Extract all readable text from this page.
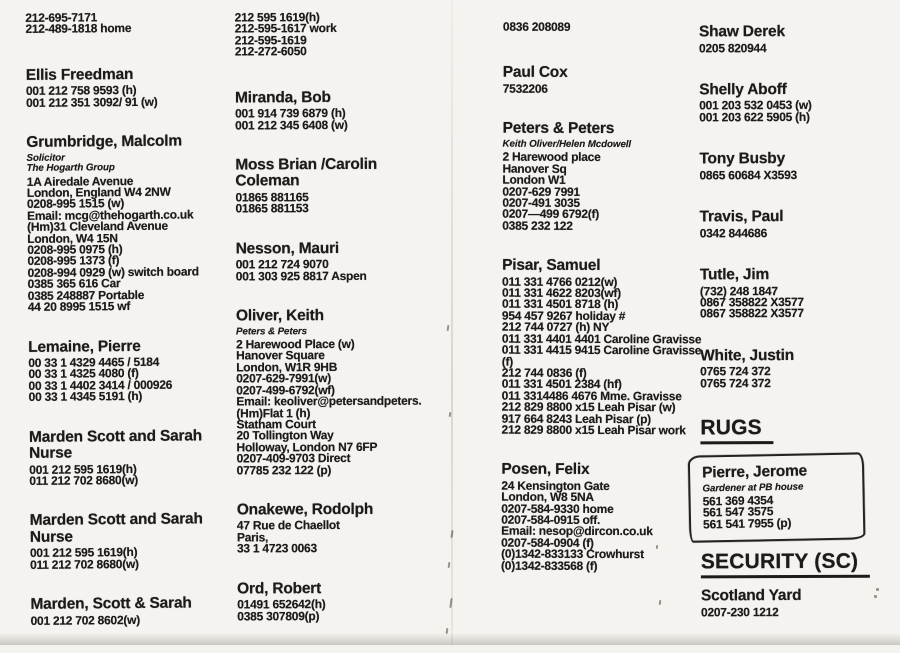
212-695-7171
212-489-1818 home
Ellis Freedman
001 212 758 9593 (h)
001 212 351 3092/ 91 (w)
Grumbridge, Malcolm
Solicitor
The Hogarth Group
1A Airedale Avenue
London, England W4 2NW
0208-995 1515 (w)
Email: mcg@thehogarth.co.uk
(Hm)31 Cleveland Avenue
London, W4 15N
0208-995 0975 (h)
0208-995 1373 (f)
0208-994 0929 (w) switch board
0385 365 616 Car
0385 248887 Portable
44 20 8995 1515 wf
Lemaine, Pierre
00 33 1 4329 4465 / 5184
00 33 1 4325 4080 (f)
00 33 1 4402 3414 / 000926
00 33 1 4345 5191 (h)
Marden Scott and Sarah Nurse
001 212 595 1619(h)
011 212 702 8680(w)
Marden Scott and Sarah Nurse
001 212 595 1619(h)
011 212 702 8680(w)
Marden, Scott & Sarah
001 212 702 8602(w)
212 595 1619(h)
212-595-1617 work
212-595-1619
212-272-6050
Miranda, Bob
001 914 739 6879 (h)
001 212 345 6408 (w)
Moss Brian /Carolin Coleman
01865 881165
01865 881153
Nesson, Mauri
001 212 724 9070
001 303 925 8817 Aspen
Oliver, Keith
Peters & Peters
2 Harewood Place (w)
Hanover Square
London, W1R 9HB
0207-629-7991(w)
0207-499-6792(wf)
Email: keoliver@petersandpeters.
(Hm)Flat 1 (h)
Statham Court
20 Tollington Way
Holloway, London N7 6FP
0207-409-9703 Direct
07785 232 122 (p)
Onakewe, Rodolph
47 Rue de Chaellot
Paris,
33 1 4723 0063
Ord, Robert
01491 652642(h)
0385 307809(p)
0836 208089
Paul Cox
7532206
Peters & Peters
Keith Oliver/Helen Mcdowell
2 Harewood place
Hanover Sq
London W1
0207-629 7991
0207-491 3035
0207—499 6792(f)
0385 232 122
Pisar, Samuel
011 331 4766 0212(w)
011 331 4622 8203(wf)
011 331 4501 8718 (h)
954 457 9267 holiday #
212 744 0727 (h) NY
011 331 4401 4401 Caroline Gravisse
011 331 4415 9415 Caroline Gravisse (f)
212 744 0836 (f)
011 331 4501 2384 (hf)
011 3314486 4676 Mme. Gravisse
212 829 8800 x15 Leah Pisar (w)
917 664 8243 Leah Pisar (p)
212 829 8800 x15 Leah Pisar work
Posen, Felix
24 Kensington Gate
London, W8 5NA
0207-584-9330 home
0207-584-0915 off.
Email: nesop@dircon.co.uk
0207-584-0904 (f)
(0)1342-833133 Crowhurst
(0)1342-833568 (f)
Shaw Derek
0205 820944
Shelly Aboff
001 203 532 0453 (w)
001 203 622 5905 (h)
Tony Busby
0865 60684 X3593
Travis, Paul
0342 844686
Tutle, Jim
(732) 248 1847
0867 358822 X3577
0867 358822 X3577
White, Justin
0765 724 372
0765 724 372
RUGS
Pierre, Jerome
Gardener at PB house
561 369 4354
561 547 3575
561 541 7955 (p)
SECURITY (SC)
Scotland Yard
0207-230 1212
